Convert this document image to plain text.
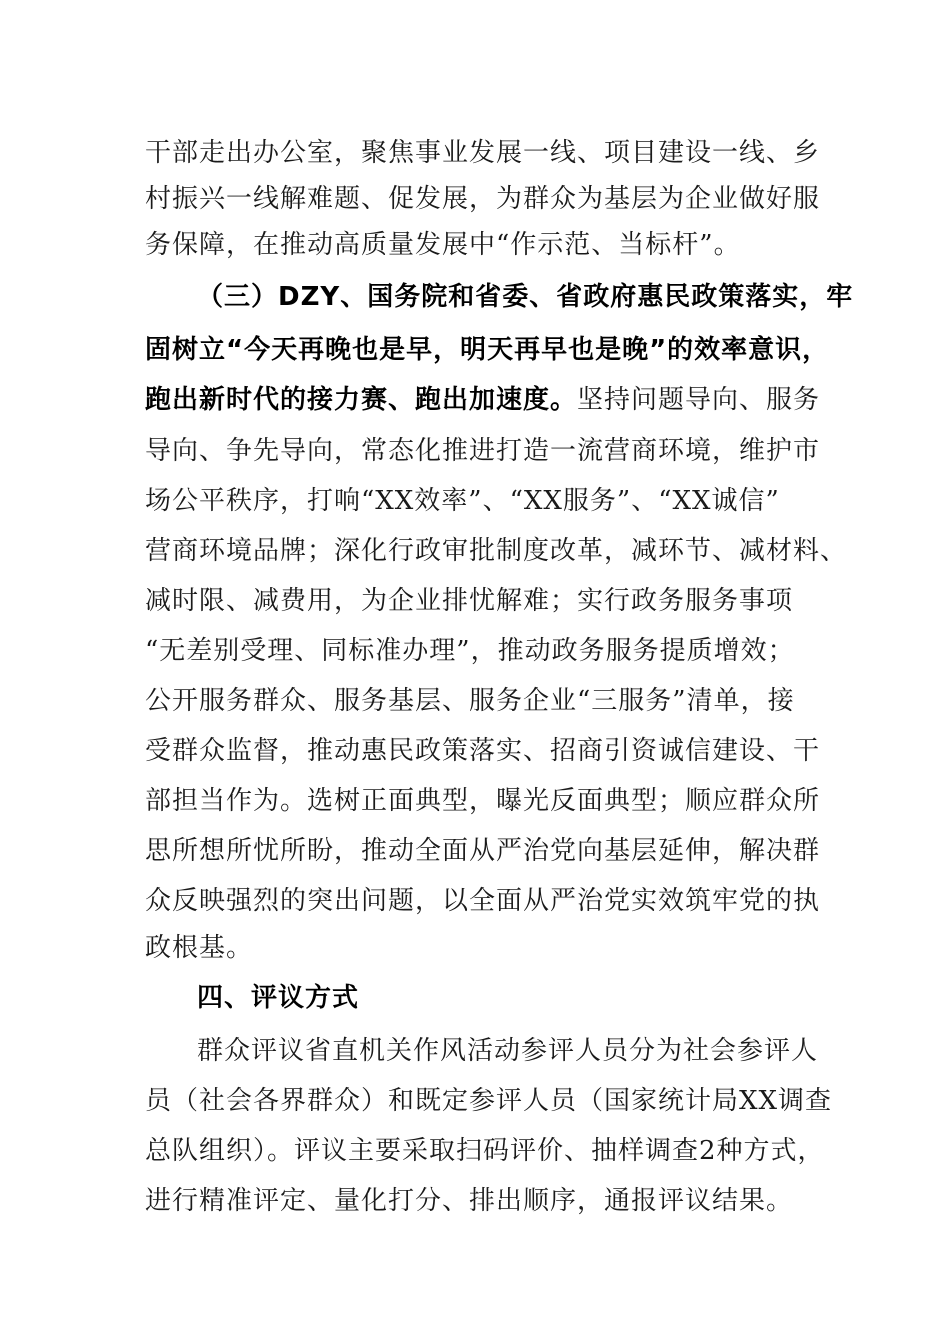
干部走出办公室，聚焦事业发展一线、项目建设一线、乡
村振兴一线解难题、促发展，为群众为基层为企业做好服
务保障，在推动高质量发展中“作示范、当标杆”。
（三）DZY、国务院和省委、省政府惠民政策落实，牢
固树立“今天再晚也是早，明天再早也是晚”的效率意识，
跑出新时代的接力赛、跑出加速度。坚持问题导向、服务
导向、争先导向，常态化推进打造一流营商环境，维护市
场公平秩序，打响“XX效率”、“XX服务”、“XX诚信”
营商环境品牌；深化行政审批制度改革，减环节、减材料、
减时限、减费用，为企业排忧解难；实行政务服务事项
“无差别受理、同标准办理”，推动政务服务提质增效；
公开服务群众、服务基层、服务企业“三服务”清单，接
受群众监督，推动惠民政策落实、招商引资诚信建设、干
部担当作为。选树正面典型，曝光反面典型；顺应群众所
思所想所忧所盼，推动全面从严治党向基层延伸，解决群
众反映强烈的突出问题，以全面从严治党实效筑牢党的执
政根基。
四、评议方式
群众评议省直机关作风活动参评人员分为社会参评人
员（社会各界群众）和既定参评人员（国家统计局XX调查
总队组织）。评议主要采取扫码评价、抽样调查2种方式，
进行精准评定、量化打分、排出顺序，通报评议结果。
